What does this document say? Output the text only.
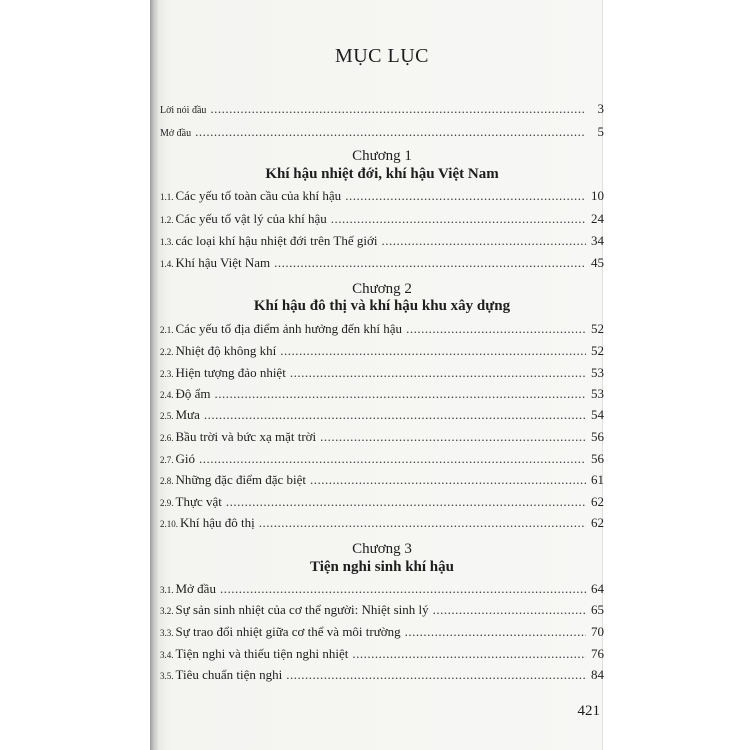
MỤC LỤC
Lời nói đầu .....	3
Mở đầu .....	5
Chương 1
Khí hậu nhiệt đới, khí hậu Việt Nam
1.1. Các yếu tố toàn cầu của khí hậu .....	10
1.2. Các yếu tố vật lý của khí hậu .....	24
1.3. các loại khí hậu nhiệt đới trên Thế giới .....	34
1.4. Khí hậu Việt Nam .....	45
Chương 2
Khí hậu đô thị và khí hậu khu xây dựng
2.1. Các yếu tố địa điểm ảnh hưởng đến khí hậu .....	52
2.2. Nhiệt độ không khí .....	52
2.3. Hiện tượng đảo nhiệt .....	53
2.4. Độ ẩm .....	53
2.5. Mưa .....	54
2.6. Bầu trời và bức xạ mặt trời .....	56
2.7. Gió .....	56
2.8. Những đặc điểm đặc biệt .....	61
2.9. Thực vật .....	62
2.10. Khí hậu đô thị .....	62
Chương 3
Tiện nghi sinh khí hậu
3.1. Mở đầu .....	64
3.2. Sự sản sinh nhiệt của cơ thể người: Nhiệt sinh lý .....	65
3.3. Sự trao đổi nhiệt giữa cơ thể và môi trường .....	70
3.4. Tiện nghi và thiếu tiện nghi nhiệt .....	76
3.5. Tiêu chuẩn tiện nghi .....	84
421
